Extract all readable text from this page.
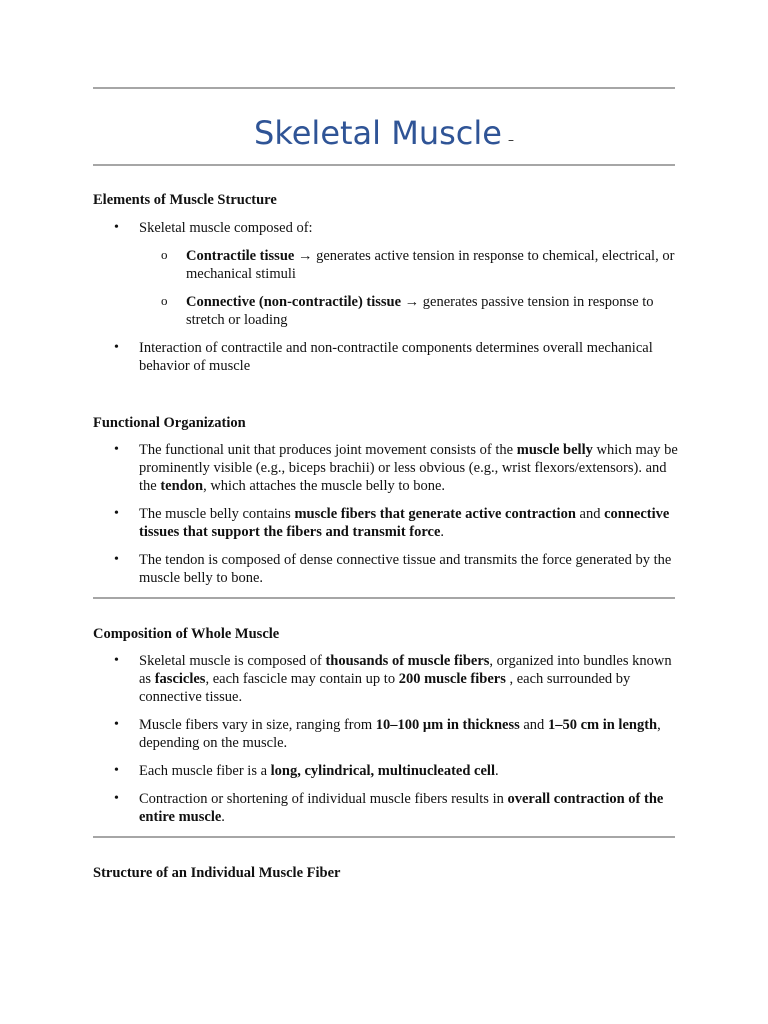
Skeletal Muscle –
Elements of Muscle Structure
• Skeletal muscle composed of:
o Contractile tissue → generates active tension in response to chemical, electrical, or mechanical stimuli
o Connective (non-contractile) tissue → generates passive tension in response to stretch or loading
• Interaction of contractile and non-contractile components determines overall mechanical behavior of muscle
Functional Organization
• The functional unit that produces joint movement consists of the muscle belly which may be prominently visible (e.g., biceps brachii) or less obvious (e.g., wrist flexors/extensors). and the tendon, which attaches the muscle belly to bone.
• The muscle belly contains muscle fibers that generate active contraction and connective tissues that support the fibers and transmit force.
• The tendon is composed of dense connective tissue and transmits the force generated by the muscle belly to bone.
Composition of Whole Muscle
• Skeletal muscle is composed of thousands of muscle fibers, organized into bundles known as fascicles, each fascicle may contain up to 200 muscle fibers , each surrounded by connective tissue.
• Muscle fibers vary in size, ranging from 10–100 μm in thickness and 1–50 cm in length, depending on the muscle.
• Each muscle fiber is a long, cylindrical, multinucleated cell.
• Contraction or shortening of individual muscle fibers results in overall contraction of the entire muscle.
Structure of an Individual Muscle Fiber
